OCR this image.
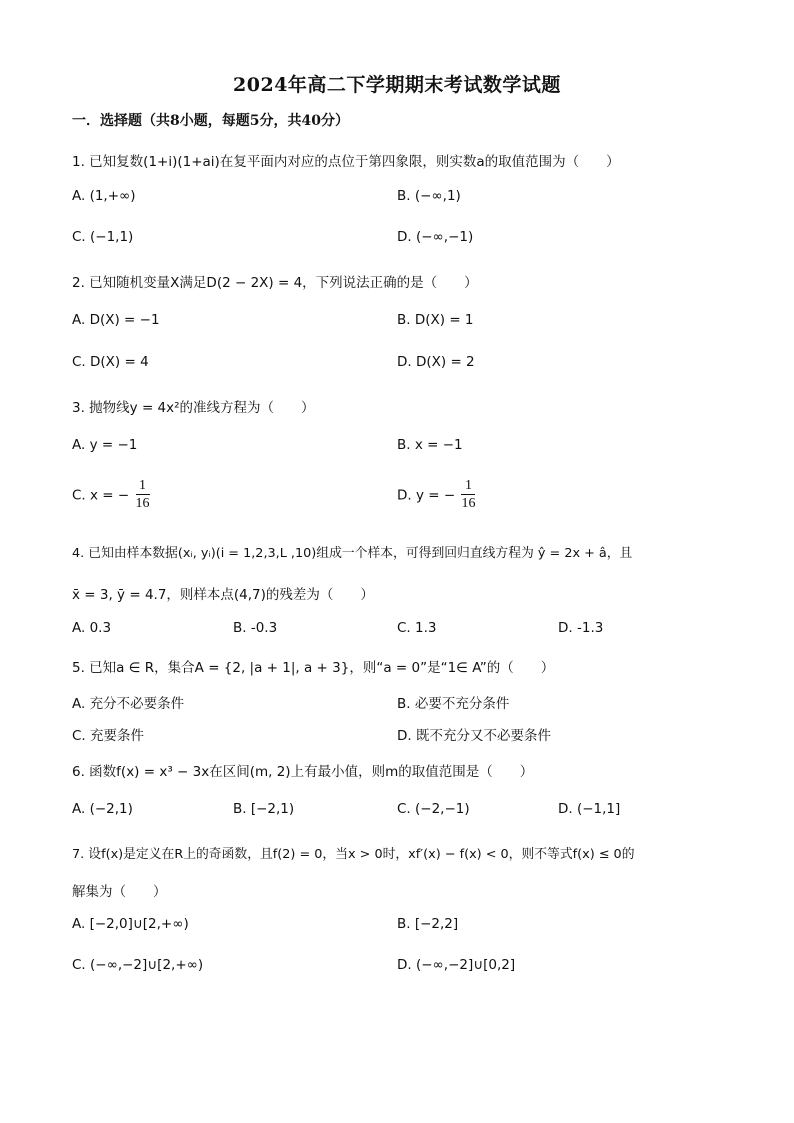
2024年高二下学期期末考试数学试题
一．选择题（共8小题，每题5分，共40分）
1. 已知复数(1+i)(1+ai)在复平面内对应的点位于第四象限，则实数a的取值范围为（　　）
A. (1,+∞)	B. (−∞,1)
C. (−1,1)	D. (−∞,−1)
2. 已知随机变量X满足D(2 − 2X) = 4，下列说法正确的是（　　）
A. D(X) = −1	B. D(X) = 1
C. D(X) = 4	D. D(X) = 2
3. 抛物线y = 4x²的准线方程为（　　）
A. y = −1	B. x = −1
C. x = − $\frac{1}{16}$	D. y = − $\frac{1}{16}$
4. 已知由样本数据(xᵢ, yᵢ)(i = 1,2,3,L ,10)组成一个样本，可得到回归直线方程为 ŷ = 2x + â，且
x̄ = 3, ȳ = 4.7，则样本点(4,7)的残差为（　　）
A. 0.3	B. -0.3	C. 1.3	D. -1.3
5. 已知a ∈ R，集合A = {2, |a + 1|, a + 3}，则“a = 0”是“1∈ A”的（　　）
A. 充分不必要条件	B. 必要不充分条件
C. 充要条件	D. 既不充分又不必要条件
6. 函数f(x) = x³ − 3x在区间(m, 2)上有最小值，则m的取值范围是（　　）
A. (−2,1)	B. [−2,1)	C. (−2,−1)	D. (−1,1]
7. 设f(x)是定义在R上的奇函数，且f(2) = 0，当x > 0时，xf′(x) − f(x) < 0，则不等式f(x) ≤ 0的
解集为（　　）
A. [−2,0]∪[2,+∞)	B. [−2,2]
C. (−∞,−2]∪[2,+∞)	D. (−∞,−2]∪[0,2]
